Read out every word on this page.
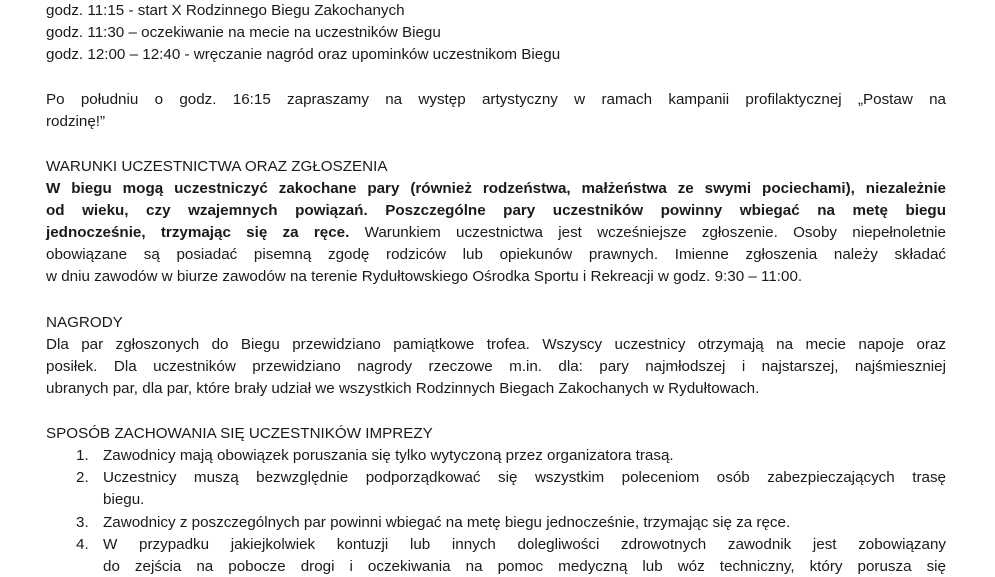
godz. 11:15 - start X Rodzinnego Biegu Zakochanych
godz. 11:30 – oczekiwanie na mecie na uczestników Biegu
godz. 12:00 – 12:40 - wręczanie nagród oraz upominków uczestnikom Biegu
Po południu o godz. 16:15 zapraszamy na występ artystyczny w ramach kampanii profilaktycznej „Postaw na
rodzinę!”
WARUNKI UCZESTNICTWA ORAZ ZGŁOSZENIA
W biegu mogą uczestniczyć zakochane pary (również rodzeństwa, małżeństwa ze swymi pociechami), niezależnie
od wieku, czy wzajemnych powiązań. Poszczególne pary uczestników powinny wbiegać na metę biegu
jednocześnie, trzymając się za ręce. Warunkiem uczestnictwa jest wcześniejsze zgłoszenie. Osoby niepełnoletnie
obowiązane są posiadać pisemną zgodę rodziców lub opiekunów prawnych. Imienne zgłoszenia należy składać
w dniu zawodów w biurze zawodów na terenie Rydułtowskiego Ośrodka Sportu i Rekreacji w godz. 9:30 – 11:00.
NAGRODY
Dla par zgłoszonych do Biegu przewidziano pamiątkowe trofea. Wszyscy uczestnicy otrzymają na mecie napoje oraz
posiłek. Dla uczestników przewidziano nagrody rzeczowe m.in. dla: pary najmłodszej i najstarszej, najśmieszniej
ubranych par, dla par, które brały udział we wszystkich Rodzinnych Biegach Zakochanych w Rydułtowach.
SPOSÓB ZACHOWANIA SIĘ UCZESTNIKÓW IMPREZY
1. Zawodnicy mają obowiązek poruszania się tylko wytyczoną przez organizatora trasą.
2. Uczestnicy muszą bezwzględnie podporządkować się wszystkim poleceniom osób zabezpieczających trasę
biegu.
3. Zawodnicy z poszczególnych par powinni wbiegać na metę biegu jednocześnie, trzymając się za ręce.
4. W przypadku jakiejkolwiek kontuzji lub innych dolegliwości zdrowotnych zawodnik jest zobowiązany
do zejścia na pobocze drogi i oczekiwania na pomoc medyczną lub wóz techniczny, który porusza się
